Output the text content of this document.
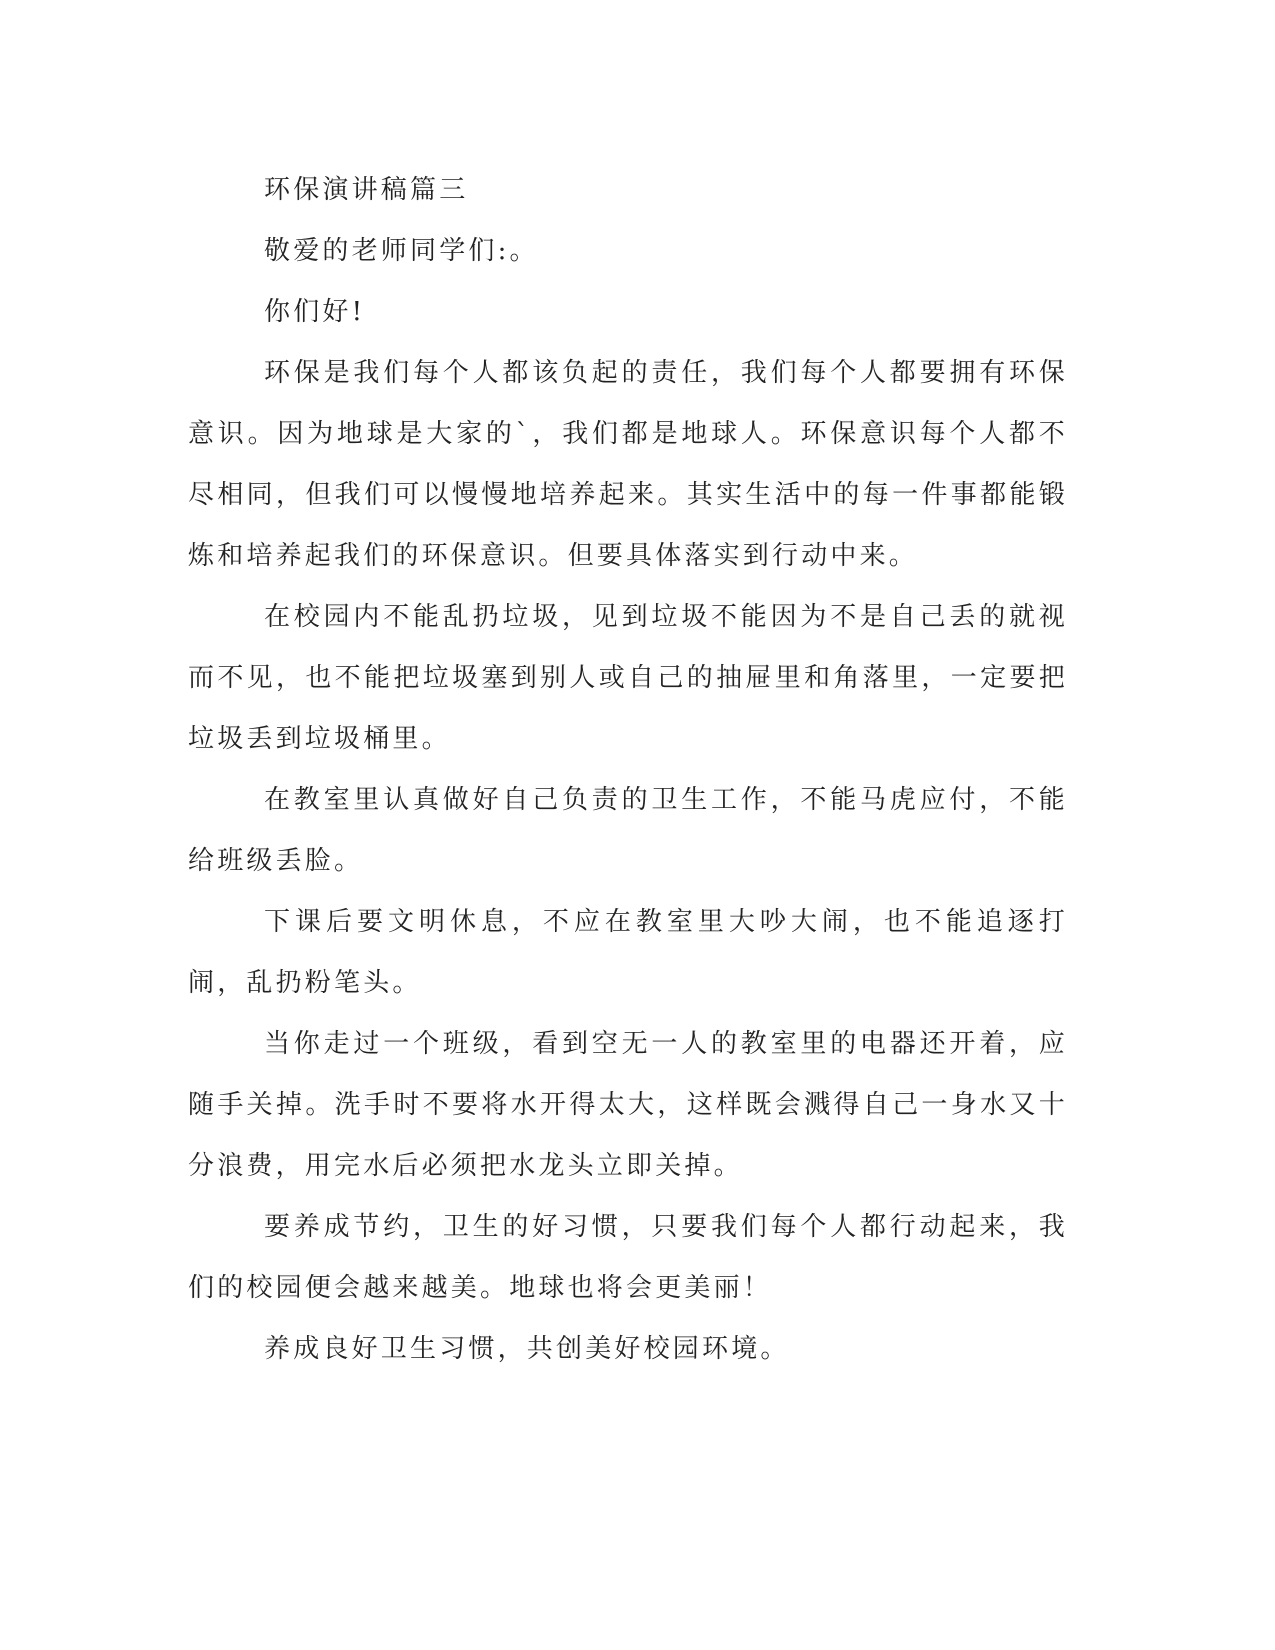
环保演讲稿篇三

敬爱的老师同学们:。

你们好!

环保是我们每个人都该负起的责任，我们每个人都要拥有环保意识。因为地球是大家的`，我们都是地球人。环保意识每个人都不尽相同，但我们可以慢慢地培养起来。其实生活中的每一件事都能锻炼和培养起我们的环保意识。但要具体落实到行动中来。

在校园内不能乱扔垃圾，见到垃圾不能因为不是自己丢的就视而不见，也不能把垃圾塞到别人或自己的抽屉里和角落里，一定要把垃圾丢到垃圾桶里。

在教室里认真做好自己负责的卫生工作，不能马虎应付，不能给班级丢脸。

下课后要文明休息，不应在教室里大吵大闹，也不能追逐打闹，乱扔粉笔头。

当你走过一个班级，看到空无一人的教室里的电器还开着，应随手关掉。洗手时不要将水开得太大，这样既会溅得自己一身水又十分浪费，用完水后必须把水龙头立即关掉。

要养成节约，卫生的好习惯，只要我们每个人都行动起来，我们的校园便会越来越美。地球也将会更美丽！

养成良好卫生习惯，共创美好校园环境。
